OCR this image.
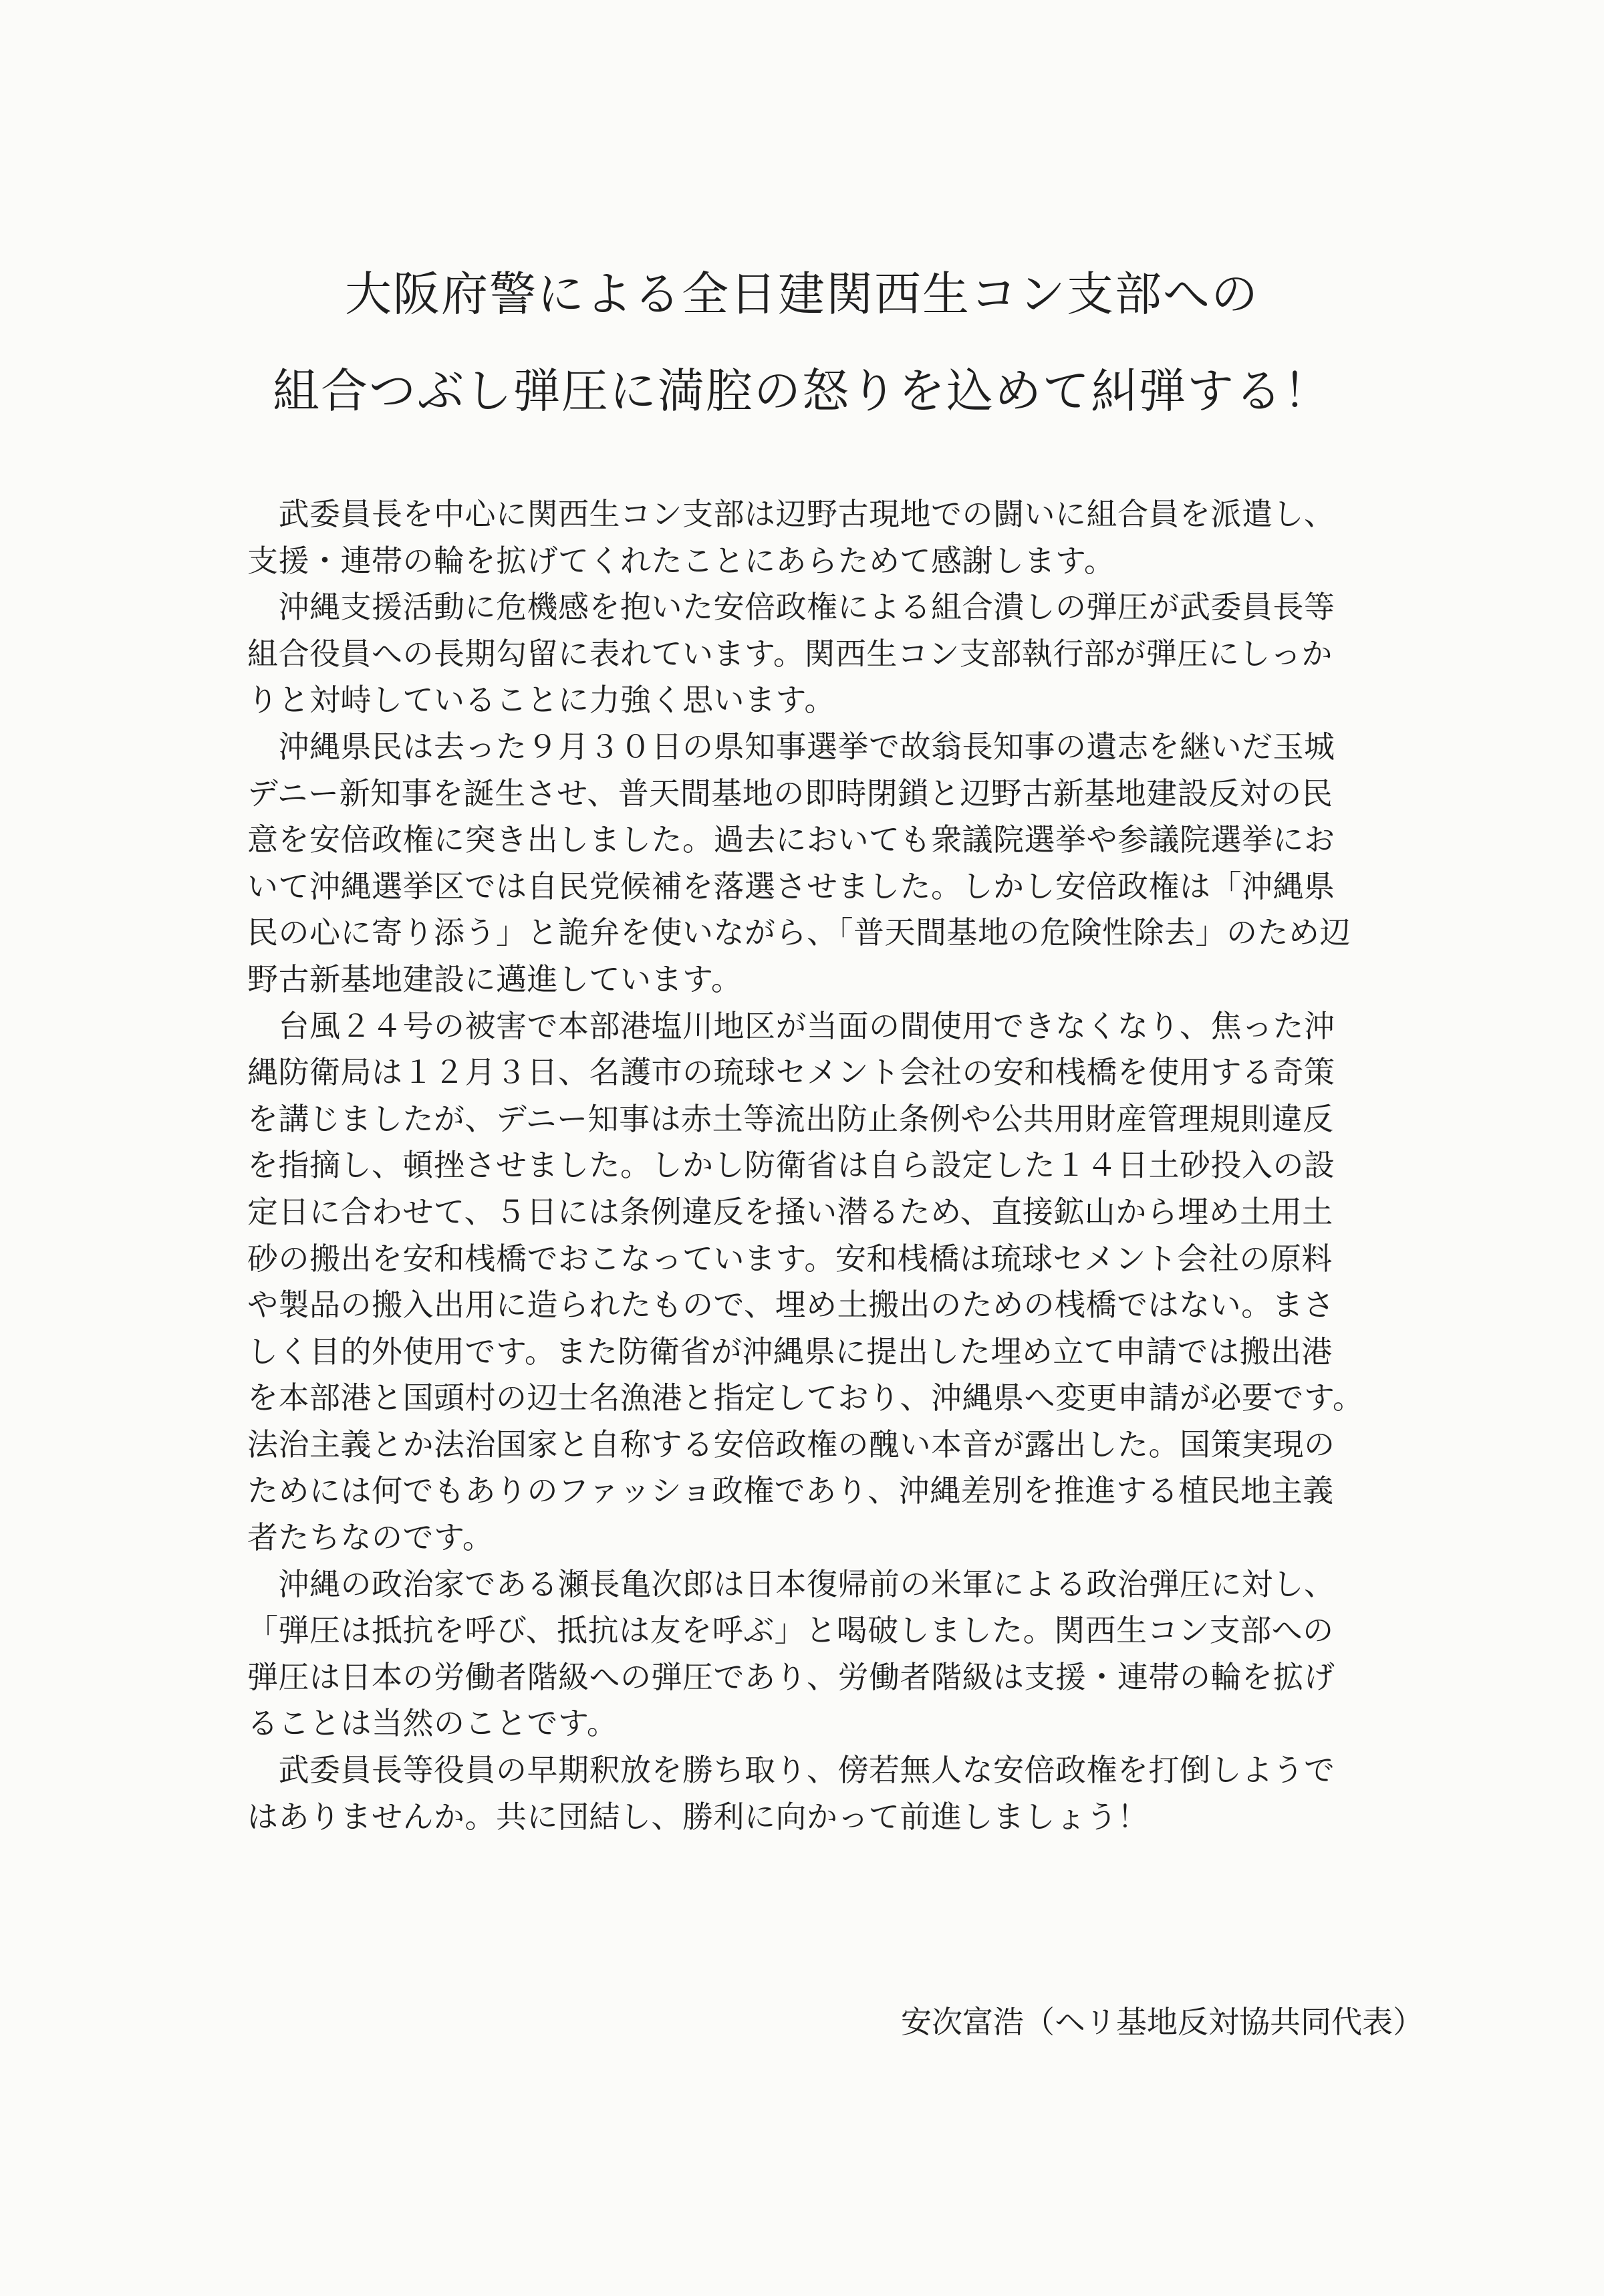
大阪府警による全日建関西生コン支部への
組合つぶし弾圧に満腔の怒りを込めて糾弾する！
　武委員長を中心に関西生コン支部は辺野古現地での闘いに組合員を派遣し、
支援・連帯の輪を拡げてくれたことにあらためて感謝します。
　沖縄支援活動に危機感を抱いた安倍政権による組合潰しの弾圧が武委員長等
組合役員への長期勾留に表れています。関西生コン支部執行部が弾圧にしっか
りと対峙していることに力強く思います。
　沖縄県民は去った９月３０日の県知事選挙で故翁長知事の遺志を継いだ玉城
デニー新知事を誕生させ、普天間基地の即時閉鎖と辺野古新基地建設反対の民
意を安倍政権に突き出しました。過去においても衆議院選挙や参議院選挙にお
いて沖縄選挙区では自民党候補を落選させました。しかし安倍政権は「沖縄県
民の心に寄り添う」と詭弁を使いながら、「普天間基地の危険性除去」のため辺
野古新基地建設に邁進しています。
　台風２４号の被害で本部港塩川地区が当面の間使用できなくなり、焦った沖
縄防衛局は１２月３日、名護市の琉球セメント会社の安和桟橋を使用する奇策
を講じましたが、デニー知事は赤土等流出防止条例や公共用財産管理規則違反
を指摘し、頓挫させました。しかし防衛省は自ら設定した１４日土砂投入の設
定日に合わせて、５日には条例違反を掻い潜るため、直接鉱山から埋め土用土
砂の搬出を安和桟橋でおこなっています。安和桟橋は琉球セメント会社の原料
や製品の搬入出用に造られたもので、埋め土搬出のための桟橋ではない。まさ
しく目的外使用です。また防衛省が沖縄県に提出した埋め立て申請では搬出港
を本部港と国頭村の辺士名漁港と指定しており、沖縄県へ変更申請が必要です。
法治主義とか法治国家と自称する安倍政権の醜い本音が露出した。国策実現の
ためには何でもありのファッショ政権であり、沖縄差別を推進する植民地主義
者たちなのです。
　沖縄の政治家である瀬長亀次郎は日本復帰前の米軍による政治弾圧に対し、
「弾圧は抵抗を呼び、抵抗は友を呼ぶ」と喝破しました。関西生コン支部への
弾圧は日本の労働者階級への弾圧であり、労働者階級は支援・連帯の輪を拡げ
ることは当然のことです。
　武委員長等役員の早期釈放を勝ち取り、傍若無人な安倍政権を打倒しようで
はありませんか。共に団結し、勝利に向かって前進しましょう！
安次富浩（ヘリ基地反対協共同代表）
